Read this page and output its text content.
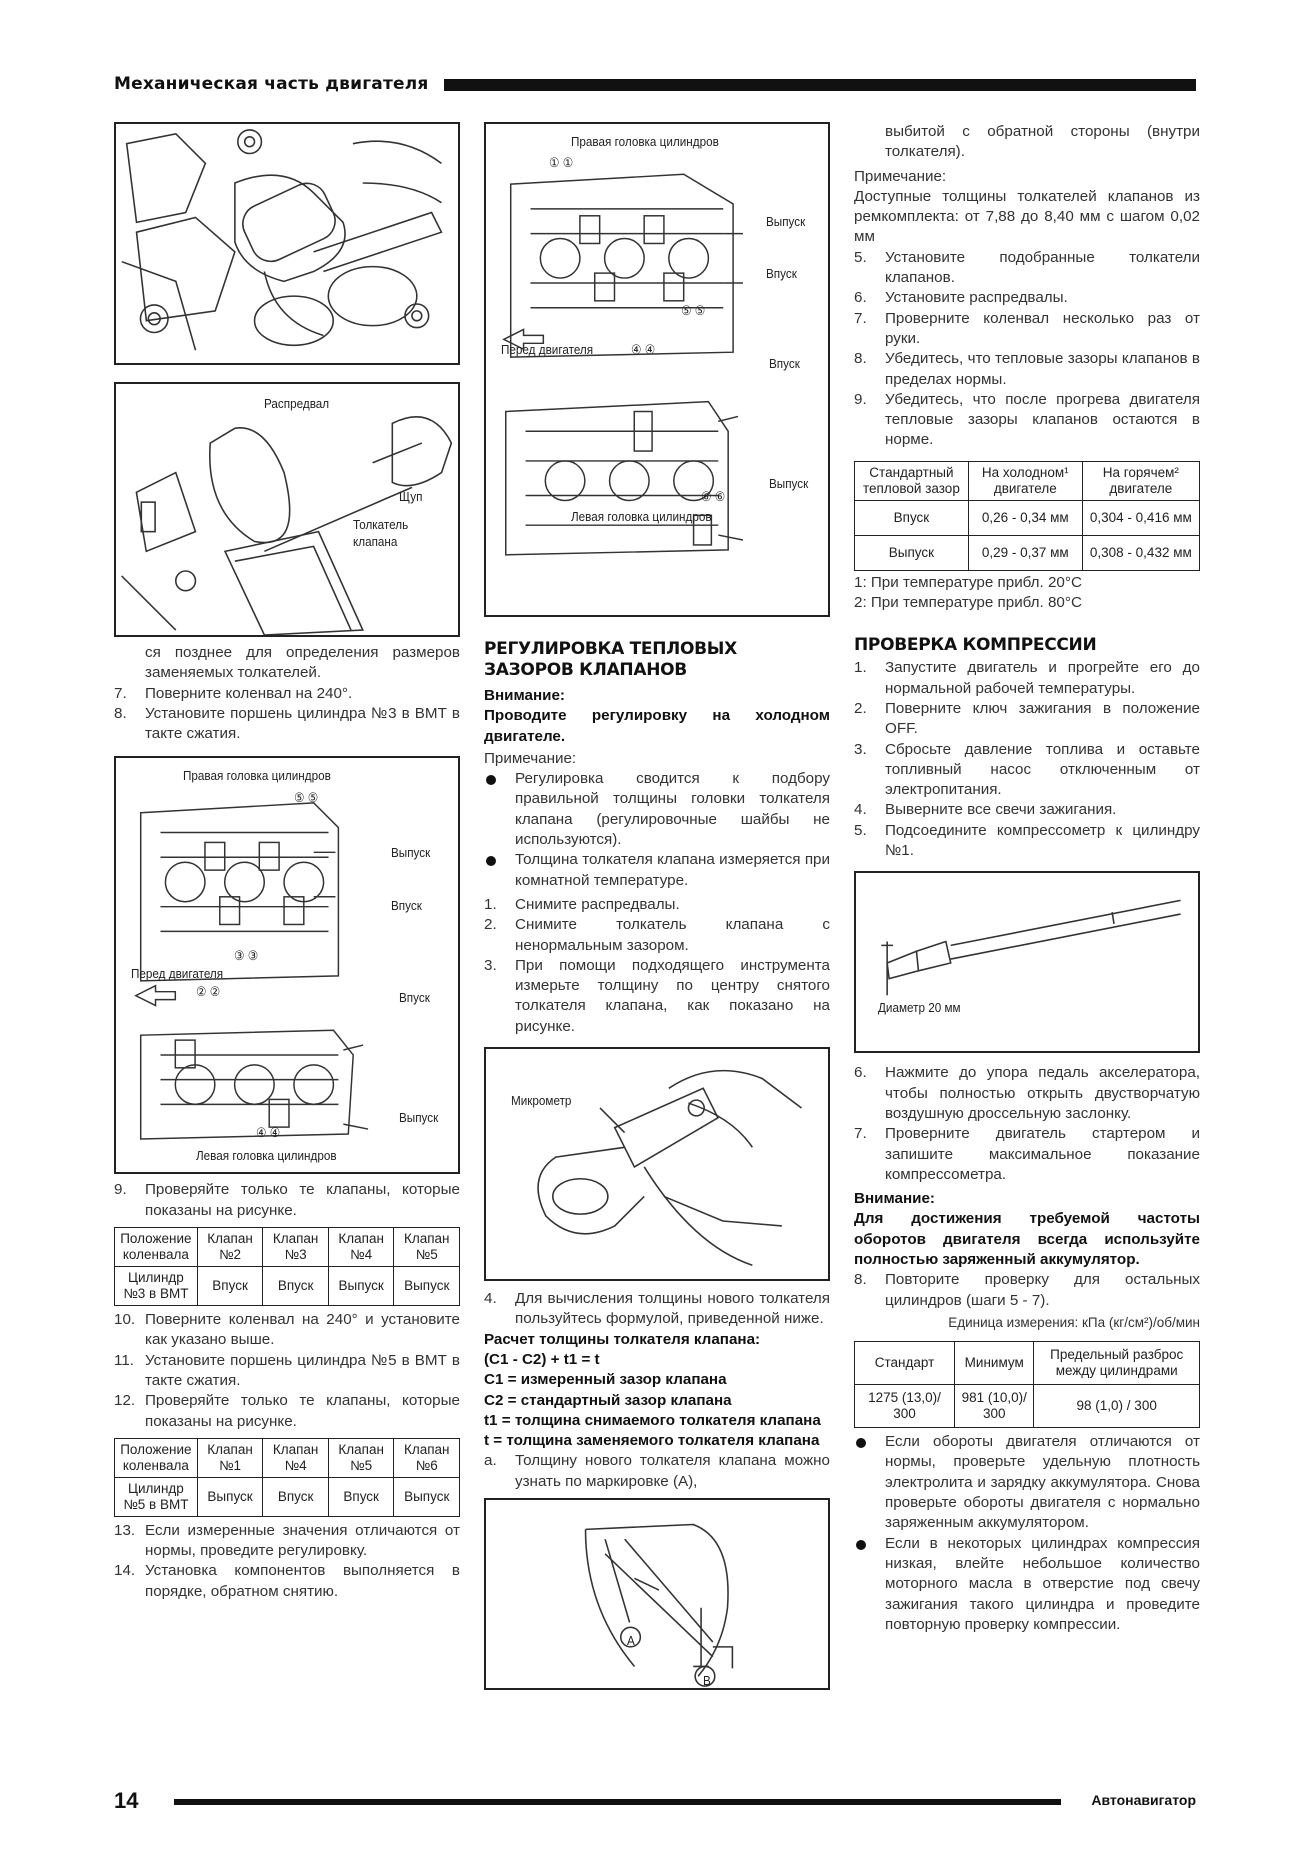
Механическая часть двигателя
Распредвал
Щуп
Толкатель
клапана
ся позднее для определения размеров заменяемых толкателей.
7. Поверните коленвал на 240°.
8. Установите поршень цилиндра №3 в ВМТ в такте сжатия.
Правая головка цилиндров
⑤ ⑤
Выпуск
Впуск
③ ③
Перед двигателя
② ②	Впуск
Выпуск
④ ④
Левая головка цилиндров
9. Проверяйте только те клапаны, которые показаны на рисунке.
Положение коленвала	Клапан №2	Клапан №3	Клапан №4	Клапан №5
Цилиндр №3 в ВМТ	Впуск	Впуск	Выпуск	Выпуск
10. Поверните коленвал на 240° и установите как указано выше.
11. Установите поршень цилиндра №5 в ВМТ в такте сжатия.
12. Проверяйте только те клапаны, которые показаны на рисунке.
Положение коленвала	Клапан №1	Клапан №4	Клапан №5	Клапан №6
Цилиндр №5 в ВМТ	Выпуск	Впуск	Впуск	Выпуск
13. Если измеренные значения отличаются от нормы, проведите регулировку.
14. Установка компонентов выполняется в порядке, обратном снятию.
Правая головка цилиндров
① ①
Выпуск
Впуск
⑤ ⑤
Перед двигателя	④ ④
Впуск
Выпуск
⑥ ⑥
Левая головка цилиндров
РЕГУЛИРОВКА ТЕПЛОВЫХ ЗАЗОРОВ КЛАПАНОВ
Внимание:
Проводите регулировку на холодном двигателе.
Примечание:
Регулировка сводится к подбору правильной толщины головки толкателя клапана (регулировочные шайбы не используются).
Толщина толкателя клапана измеряется при комнатной температуре.
1. Снимите распредвалы.
2. Снимите толкатель клапана с ненормальным зазором.
3. При помощи подходящего инструмента измерьте толщину по центру снятого толкателя клапана, как показано на рисунке.
Микрометр
4. Для вычисления толщины нового толкателя пользуйтесь формулой, приведенной ниже.
Расчет толщины толкателя клапана:
(C1 - C2) + t1 = t
C1 = измеренный зазор клапана
C2 = стандартный зазор клапана
t1 = толщина снимаемого толкателя клапана
t = толщина заменяемого толкателя клапана
a. Толщину нового толкателя клапана можно узнать по маркировке (A),
A
B
выбитой с обратной стороны (внутри толкателя).
Примечание:
Доступные толщины толкателей клапанов из ремкомплекта: от 7,88 до 8,40 мм с шагом 0,02 мм
5. Установите подобранные толкатели клапанов.
6. Установите распредвалы.
7. Проверните коленвал несколько раз от руки.
8. Убедитесь, что тепловые зазоры клапанов в пределах нормы.
9. Убедитесь, что после прогрева двигателя тепловые зазоры клапанов остаются в норме.
Стандартный тепловой зазор	На холодном¹ двигателе	На горячем² двигателе
Впуск	0,26 - 0,34 мм	0,304 - 0,416 мм
Выпуск	0,29 - 0,37 мм	0,308 - 0,432 мм
1: При температуре прибл. 20°С
2: При температуре прибл. 80°С
ПРОВЕРКА КОМПРЕССИИ
1. Запустите двигатель и прогрейте его до нормальной рабочей температуры.
2. Поверните ключ зажигания в положение OFF.
3. Сбросьте давление топлива и оставьте топливный насос отключенным от электропитания.
4. Выверните все свечи зажигания.
5. Подсоедините компрессометр к цилиндру №1.
Диаметр 20 мм
6. Нажмите до упора педаль акселератора, чтобы полностью открыть двустворчатую воздушную дроссельную заслонку.
7. Проверните двигатель стартером и запишите максимальное показание компрессометра.
Внимание:
Для достижения требуемой частоты оборотов двигателя всегда используйте полностью заряженный аккумулятор.
8. Повторите проверку для остальных цилиндров (шаги 5 - 7).
Единица измерения: кПа (кг/см²)/об/мин
Стандарт	Минимум	Предельный разброс между цилиндрами
1275 (13,0)/ 300	981 (10,0)/ 300	98 (1,0) / 300
Если обороты двигателя отличаются от нормы, проверьте удельную плотность электролита и зарядку аккумулятора. Снова проверьте обороты двигателя с нормально заряженным аккумулятором.
Если в некоторых цилиндрах компрессия низкая, влейте небольшое количество моторного масла в отверстие под свечу зажигания такого цилиндра и проведите повторную проверку компрессии.
14	Автонавигатор
